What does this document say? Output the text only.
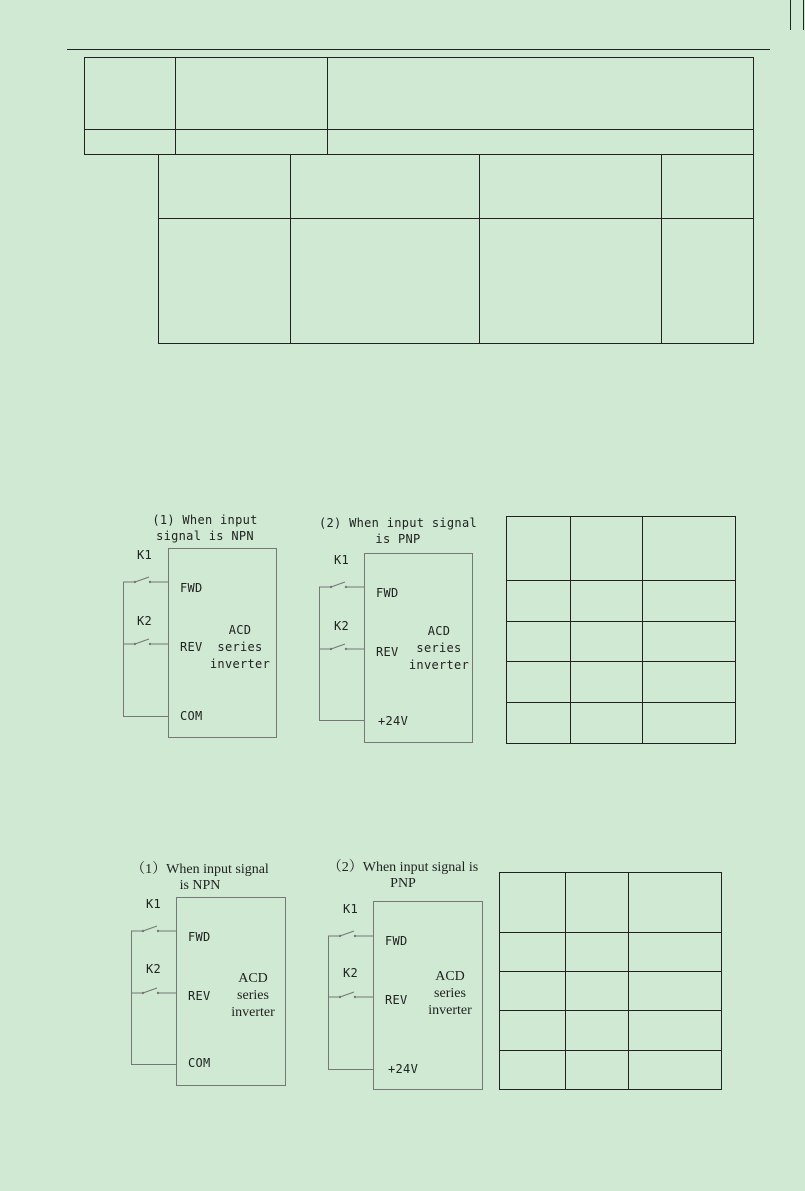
(1) When input
signal is NPN
K1
K2
FWD
REV
COM
ACD
series
inverter
(2) When input signal
is PNP
K1
K2
FWD
REV
+24V
ACD
series
inverter
（1）When input signal
is NPN
K1
K2
FWD
REV
COM
ACD
series
inverter
（2）When input signal is
PNP
K1
K2
FWD
REV
+24V
ACD
series
inverter
